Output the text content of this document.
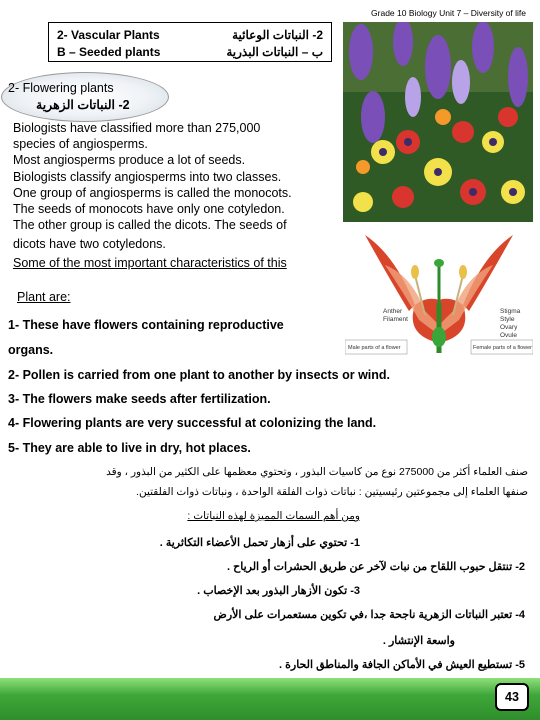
Grade 10 Biology Unit 7 – Diversity of life
2- Vascular Plants
B – Seeded plants
2- النباتات الوعائية
ب – النباتات البذرية
2- Flowering plants
2- النباتات الزهرية
Anther
Filament
Stigma
Style
Ovary
Ovule
Male parts of a flower	Female parts of a flower
Biologists have classified more than 275,000
species of angiosperms.
Most angiosperms produce a lot of seeds.
Biologists classify angiosperms into two classes.
One group of angiosperms is called the monocots.
The seeds of monocots have only one cotyledon.
The other group is called the dicots. The seeds of
dicots have two cotyledons.
Some of the most important characteristics of this
Plant are:
1- These have flowers containing reproductive
organs.
2- Pollen is carried from one plant to another by insects or wind.
3- The flowers make seeds after fertilization.
4- Flowering plants are very successful at colonizing the land.
5- They are able to live in dry, hot places.
صنف العلماء أكثر من 275000 نوع من كاسيات البذور ، وتحتوي معظمها على الكثير من البذور ، وقد
صنفها العلماء إلى مجموعتين رئيسيتين : نباتات ذوات الفلقة الواحدة ، ونباتات ذوات الفلقتين.
ومن أهم السمات المميزة لهذه النباتات :
1- تحتوي على أزهار تحمل الأعضاء التكاثرية .
2- تنتقل حبوب اللقاح من نبات لآخر عن طريق الحشرات أو الرياح .
3- تكون الأزهار البذور بعد الإخصاب .
4- تعتبر النباتات الزهرية ناجحة جدا ،في تكوين مستعمرات على الأرض
واسعة الإنتشار .
5- تستطيع العيش في الأماكن الجافة والمناطق الحارة .
43
